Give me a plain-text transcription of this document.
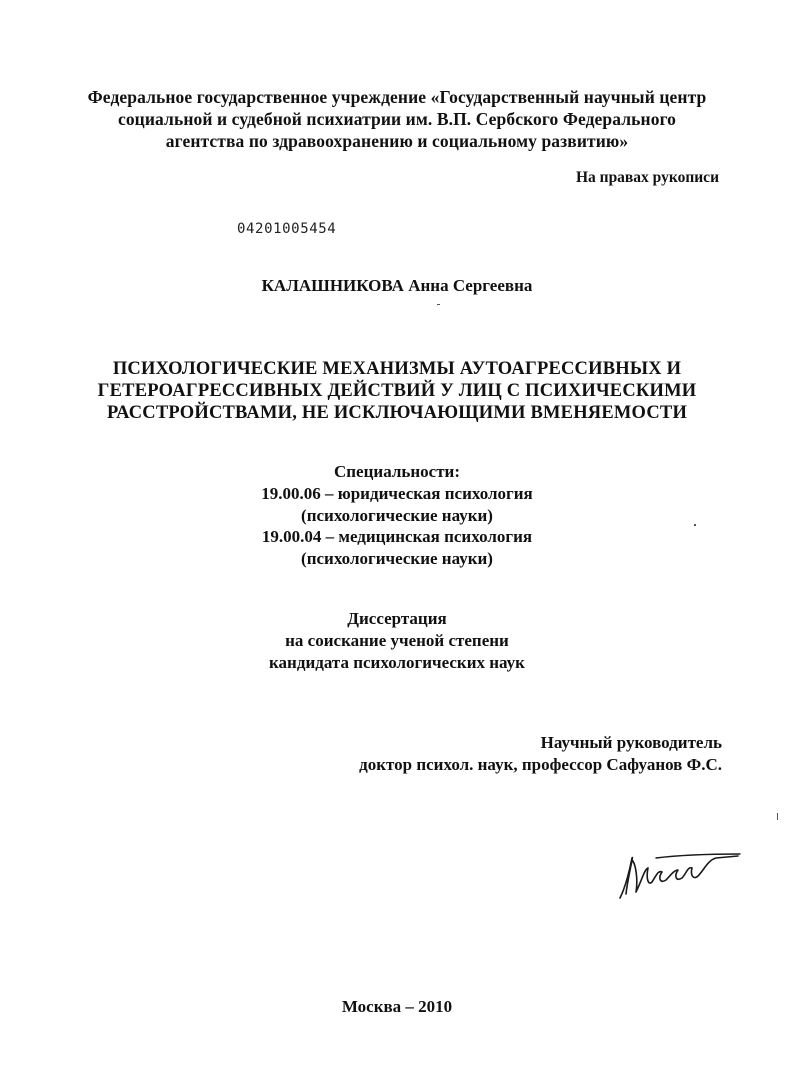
Федеральное государственное учреждение «Государственный научный центр
социальной и судебной психиатрии им. В.П. Сербского Федерального
агентства по здравоохранению и социальному развитию»
На правах рукописи
04201005454
КАЛАШНИКОВА Анна Сергеевна
ПСИХОЛОГИЧЕСКИЕ МЕХАНИЗМЫ АУТОАГРЕССИВНЫХ И
ГЕТЕРОАГРЕССИВНЫХ ДЕЙСТВИЙ У ЛИЦ С ПСИХИЧЕСКИМИ
РАССТРОЙСТВАМИ, НЕ ИСКЛЮЧАЮЩИМИ ВМЕНЯЕМОСТИ
Специальности:
19.00.06 – юридическая психология
(психологические науки)
19.00.04 – медицинская психология
(психологические науки)
Диссертация
на соискание ученой степени
кандидата психологических наук
Научный руководитель
доктор психол. наук, профессор Сафуанов Ф.С.
Москва – 2010
